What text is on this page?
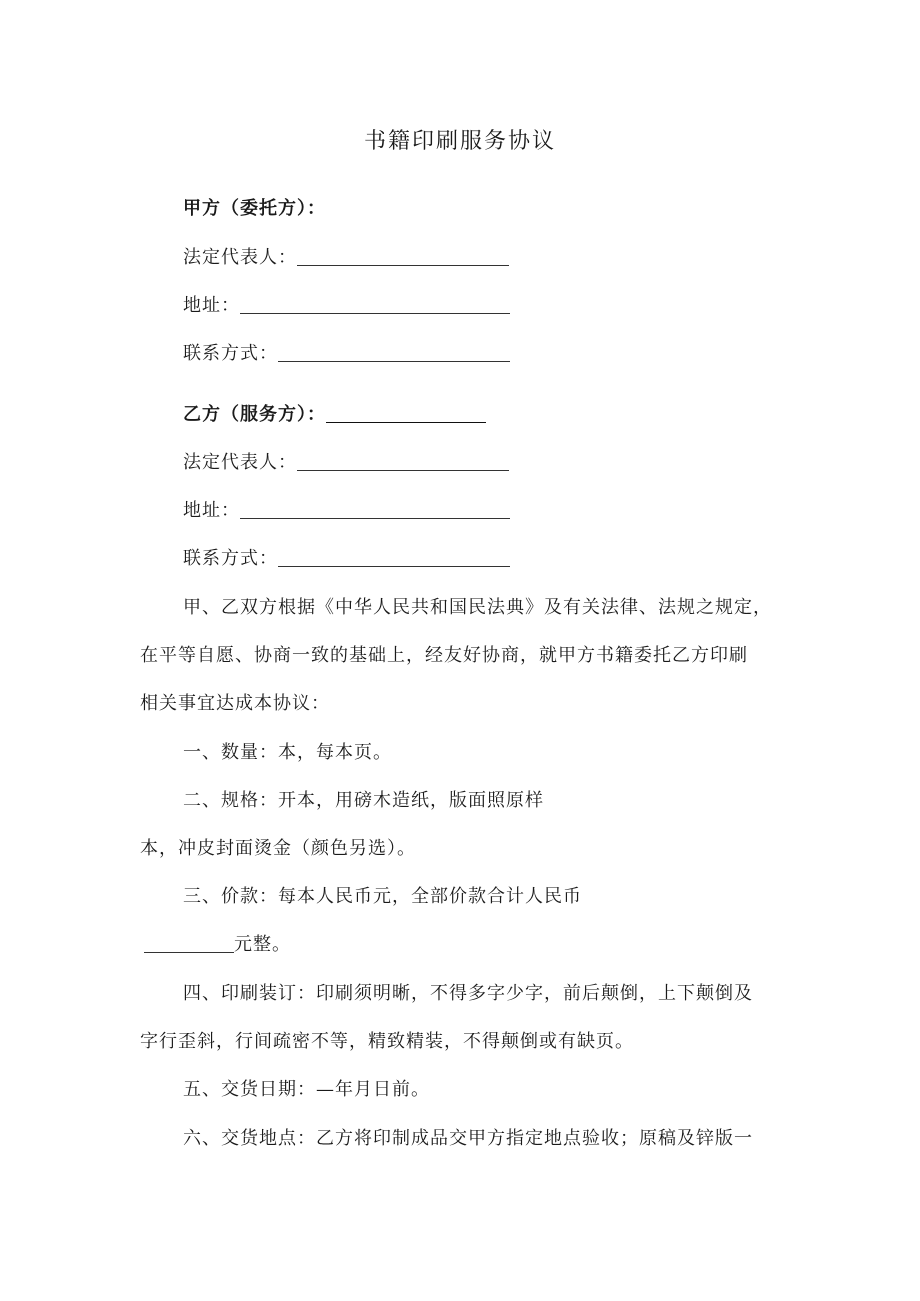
书籍印刷服务协议
甲方（委托方）：
法定代表人：
地址：
联系方式：
乙方（服务方）：
法定代表人：
地址：
联系方式：
甲、乙双方根据《中华人民共和国民法典》及有关法律、法规之规定，
在平等自愿、协商一致的基础上，经友好协商，就甲方书籍委托乙方印刷
相关事宜达成本协议：
一、数量：本，每本页。
二、规格：开本，用磅木造纸，版面照原样
本，冲皮封面烫金（颜色另选）。
三、价款：每本人民币元，全部价款合计人民币
元整。
四、印刷装订：印刷须明晰，不得多字少字，前后颠倒，上下颠倒及
字行歪斜，行间疏密不等，精致精装，不得颠倒或有缺页。
五、交货日期：—年月日前。
六、交货地点：乙方将印制成品交甲方指定地点验收；原稿及锌版一
